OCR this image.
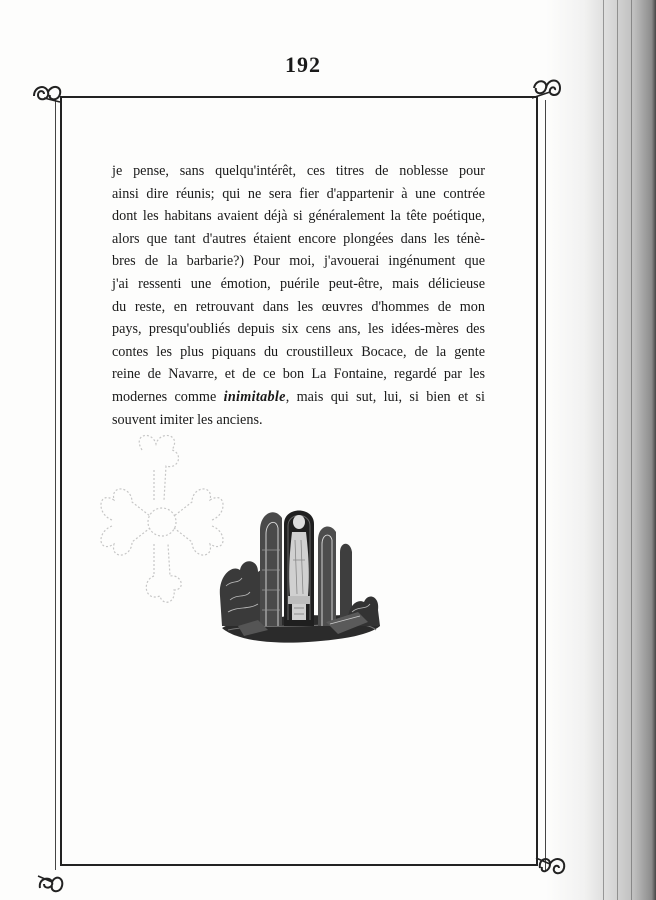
192
je pense, sans quelqu'intérêt, ces titres de noblesse pour
ainsi dire réunis; qui ne sera fier d'appartenir à une contrée
dont les habitans avaient déjà si généralement la tête poétique,
alors que tant d'autres étaient encore plongées dans les ténè-
bres de la barbarie?) Pour moi, j'avouerai ingénument que
j'ai ressenti une émotion, puérile peut-être, mais délicieuse
du reste, en retrouvant dans les œuvres d'hommes de mon
pays, presqu'oubliés depuis six cens ans, les idées-mères des
contes les plus piquans du croustilleux Bocace, de la gente
reine de Navarre, et de ce bon La Fontaine, regardé par les
modernes comme inimitable, mais qui sut, lui, si bien et si
souvent imiter les anciens.
